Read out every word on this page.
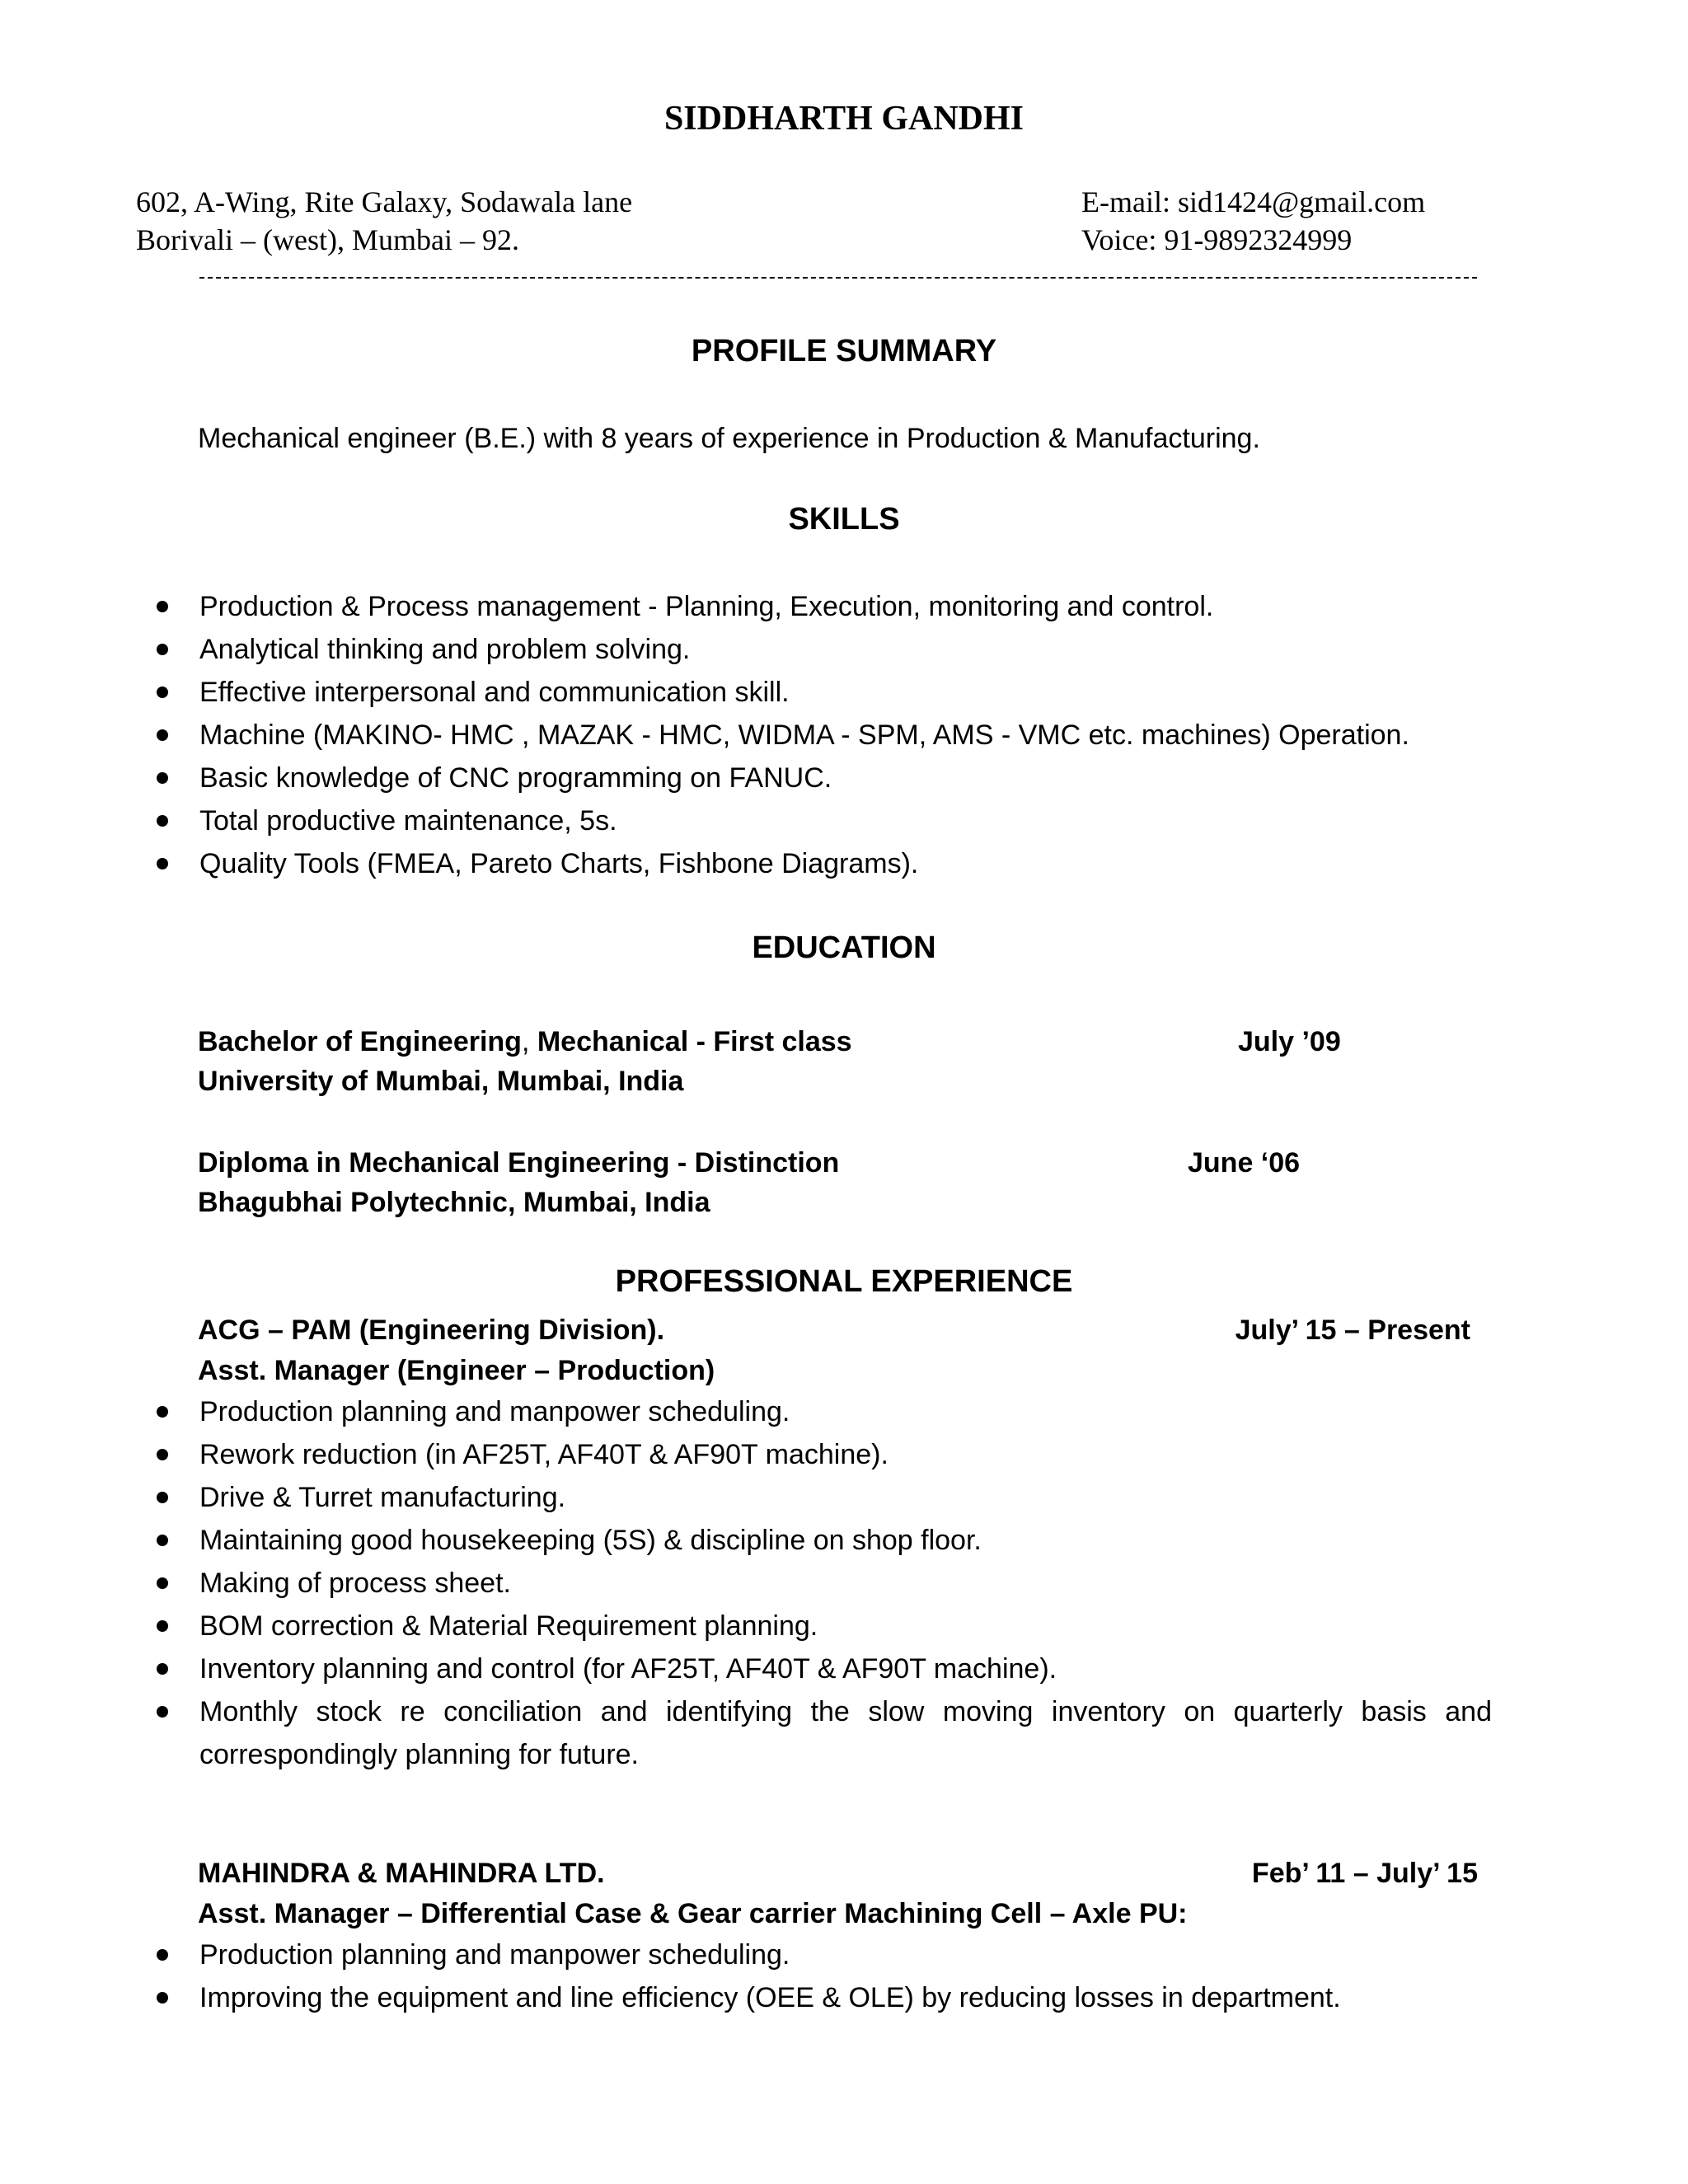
SIDDHARTH GANDHI
602, A-Wing, Rite Galaxy, Sodawala lane
Borivali – (west), Mumbai – 92.
E-mail: sid1424@gmail.com
Voice: 91-9892324999
PROFILE SUMMARY
Mechanical engineer (B.E.) with 8 years of experience in Production & Manufacturing.
SKILLS
Production & Process management - Planning, Execution, monitoring and control.
Analytical thinking and problem solving.
Effective interpersonal and communication skill.
Machine (MAKINO- HMC , MAZAK - HMC, WIDMA - SPM, AMS - VMC etc. machines) Operation.
Basic knowledge of CNC programming on FANUC.
Total productive maintenance, 5s.
Quality Tools (FMEA, Pareto Charts, Fishbone Diagrams).
EDUCATION
Bachelor of Engineering, Mechanical - First class	July ’09
University of Mumbai, Mumbai, India
Diploma in Mechanical Engineering - Distinction	June ‘06
Bhagubhai Polytechnic, Mumbai, India
PROFESSIONAL EXPERIENCE
ACG – PAM (Engineering Division).	July’ 15 – Present
Asst. Manager (Engineer – Production)
Production planning and manpower scheduling.
Rework reduction (in AF25T, AF40T & AF90T machine).
Drive & Turret manufacturing.
Maintaining good housekeeping (5S) & discipline on shop floor.
Making of process sheet.
BOM correction & Material Requirement planning.
Inventory planning and control (for AF25T, AF40T & AF90T machine).
Monthly stock re conciliation and identifying the slow moving inventory on quarterly basis and correspondingly planning for future.
MAHINDRA & MAHINDRA LTD.	Feb’ 11 – July’ 15
Asst. Manager – Differential Case & Gear carrier Machining Cell – Axle PU:
Production planning and manpower scheduling.
Improving the equipment and line efficiency (OEE & OLE) by reducing losses in department.
